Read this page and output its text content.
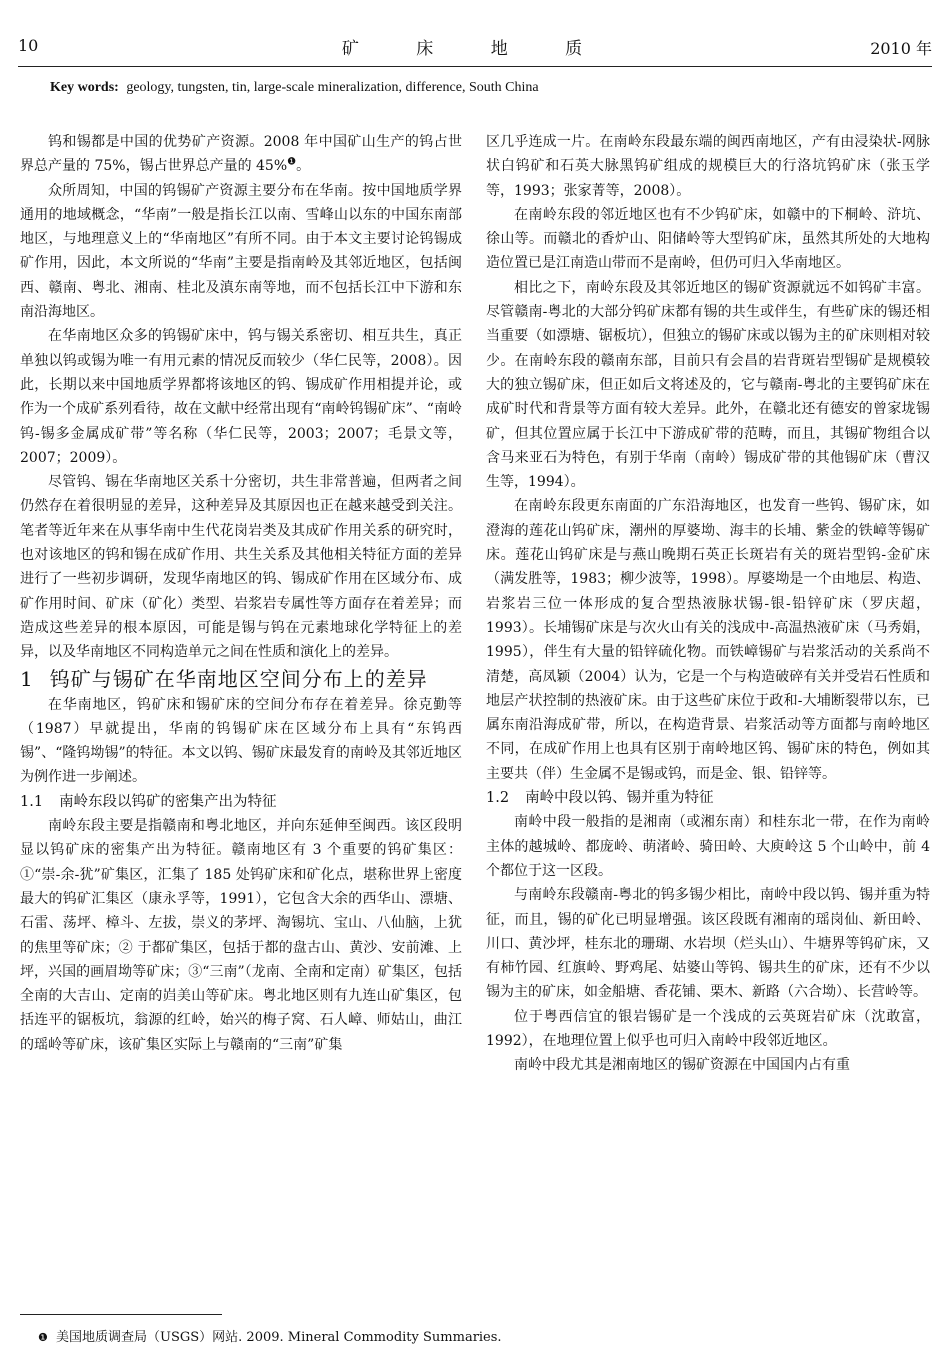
10	矿 床 地 质	2010 年
Key words: geology, tungsten, tin, large-scale mineralization, difference, South China

钨和锡都是中国的优势矿产资源。2008 年中国矿山生产的钨占世界总产量的 75%，锡占世界总产量的 45%$^❶$。

众所周知，中国的钨锡矿产资源主要分布在华南。按中国地质学界通用的地域概念，“华南”一般是指长江以南、雪峰山以东的中国东南部地区，与地理意义上的“华南地区”有所不同。由于本文主要讨论钨锡成矿作用，因此，本文所说的“华南”主要是指南岭及其邻近地区，包括闽西、赣南、粤北、湘南、桂北及滇东南等地，而不包括长江中下游和东南沿海地区。

在华南地区众多的钨锡矿床中，钨与锡关系密切、相互共生，真正单独以钨或锡为唯一有用元素的情况反而较少（华仁民等，2008）。因此，长期以来中国地质学界都将该地区的钨、锡成矿作用相提并论，或作为一个成矿系列看待，故在文献中经常出现有“南岭钨锡矿床”、“南岭钨-锡多金属成矿带”等名称（华仁民等，2003；2007；毛景文等，2007；2009）。

尽管钨、锡在华南地区关系十分密切，共生非常普遍，但两者之间仍然存在着很明显的差异，这种差异及其原因也正在越来越受到关注。笔者等近年来在从事华南中生代花岗岩类及其成矿作用关系的研究时，也对该地区的钨和锡在成矿作用、共生关系及其他相关特征方面的差异进行了一些初步调研，发现华南地区的钨、锡成矿作用在区域分布、成矿作用时间、矿床（矿化）类型、岩浆岩专属性等方面存在着差异；而造成这些差异的根本原因，可能是锡与钨在元素地球化学特征上的差异，以及华南地区不同构造单元之间在性质和演化上的差异。

1 钨矿与锡矿在华南地区空间分布上的差异

在华南地区，钨矿床和锡矿床的空间分布存在着差异。徐克勤等（1987）早就提出，华南的钨锡矿床在区域分布上具有“东钨西锡”、“隆钨坳锡”的特征。本文以钨、锡矿床最发育的南岭及其邻近地区为例作进一步阐述。

1.1 南岭东段以钨矿的密集产出为特征

南岭东段主要是指赣南和粤北地区，并向东延伸至闽西。该区段明显以钨矿床的密集产出为特征。赣南地区有 3 个重要的钨矿集区：①“崇-余-犹”矿集区，汇集了 185 处钨矿床和矿化点，堪称世界上密度最大的钨矿汇集区（康永孚等，1991），它包含大余的西华山、漂塘、石雷、荡坪、樟斗、左拔，崇义的茅坪、淘锡坑、宝山、八仙脑，上犹的焦里等矿床；② 于都矿集区，包括于都的盘古山、黄沙、安前滩、上坪，兴国的画眉坳等矿床；③“三南”（龙南、全南和定南）矿集区，包括全南的大吉山、定南的岿美山等矿床。粤北地区则有九连山矿集区，包括连平的锯板坑，翁源的红岭，始兴的梅子窝、石人嶂、师姑山，曲江的瑶岭等矿床，该矿集区实际上与赣南的“三南”矿集

区几乎连成一片。在南岭东段最东端的闽西南地区，产有由浸染状-网脉状白钨矿和石英大脉黑钨矿组成的规模巨大的行洛坑钨矿床（张玉学等，1993；张家菁等，2008）。

在南岭东段的邻近地区也有不少钨矿床，如赣中的下桐岭、浒坑、徐山等。而赣北的香炉山、阳储岭等大型钨矿床，虽然其所处的大地构造位置已是江南造山带而不是南岭，但仍可归入华南地区。

相比之下，南岭东段及其邻近地区的锡矿资源就远不如钨矿丰富。尽管赣南-粤北的大部分钨矿床都有锡的共生或伴生，有些矿床的锡还相当重要（如漂塘、锯板坑），但独立的锡矿床或以锡为主的矿床则相对较少。在南岭东段的赣南东部，目前只有会昌的岩背斑岩型锡矿是规模较大的独立锡矿床，但正如后文将述及的，它与赣南-粤北的主要钨矿床在成矿时代和背景等方面有较大差异。此外，在赣北还有德安的曾家垅锡矿，但其位置应属于长江中下游成矿带的范畴，而且，其锡矿物组合以含马来亚石为特色，有别于华南（南岭）锡成矿带的其他锡矿床（曹汉生等，1994）。

在南岭东段更东南面的广东沿海地区，也发育一些钨、锡矿床，如澄海的莲花山钨矿床，潮州的厚婆坳、海丰的长埔、紫金的铁嶂等锡矿床。莲花山钨矿床是与燕山晚期石英正长斑岩有关的斑岩型钨-金矿床（满发胜等，1983；柳少波等，1998）。厚婆坳是一个由地层、构造、岩浆岩三位一体形成的复合型热液脉状锡-银-铅锌矿床（罗庆超，1993）。长埔锡矿床是与次火山有关的浅成中-高温热液矿床（马秀娟，1995），伴生有大量的铅锌硫化物。而铁嶂锡矿与岩浆活动的关系尚不清楚，高凤颖（2004）认为，它是一个与构造破碎有关并受岩石性质和地层产状控制的热液矿床。由于这些矿床位于政和-大埔断裂带以东，已属东南沿海成矿带，所以，在构造背景、岩浆活动等方面都与南岭地区不同，在成矿作用上也具有区别于南岭地区钨、锡矿床的特色，例如其主要共（伴）生金属不是锡或钨，而是金、银、铅锌等。

1.2 南岭中段以钨、锡并重为特征

南岭中段一般指的是湘南（或湘东南）和桂东北一带，在作为南岭主体的越城岭、都庞岭、萌渚岭、骑田岭、大庾岭这 5 个山岭中，前 4 个都位于这一区段。

与南岭东段赣南-粤北的钨多锡少相比，南岭中段以钨、锡并重为特征，而且，锡的矿化已明显增强。该区段既有湘南的瑶岗仙、新田岭、川口、黄沙坪，桂东北的珊瑚、水岩坝（烂头山）、牛塘界等钨矿床，又有柿竹园、红旗岭、野鸡尾、姑婆山等钨、锡共生的矿床，还有不少以锡为主的矿床，如金船塘、香花铺、栗木、新路（六合坳）、长营岭等。

位于粤西信宜的银岩锡矿是一个浅成的云英斑岩矿床（沈敢富，1992），在地理位置上似乎也可归入南岭中段邻近地区。

南岭中段尤其是湘南地区的锡矿资源在中国国内占有重

❶ 美国地质调查局（USGS）网站. 2009. Mineral Commodity Summaries.
